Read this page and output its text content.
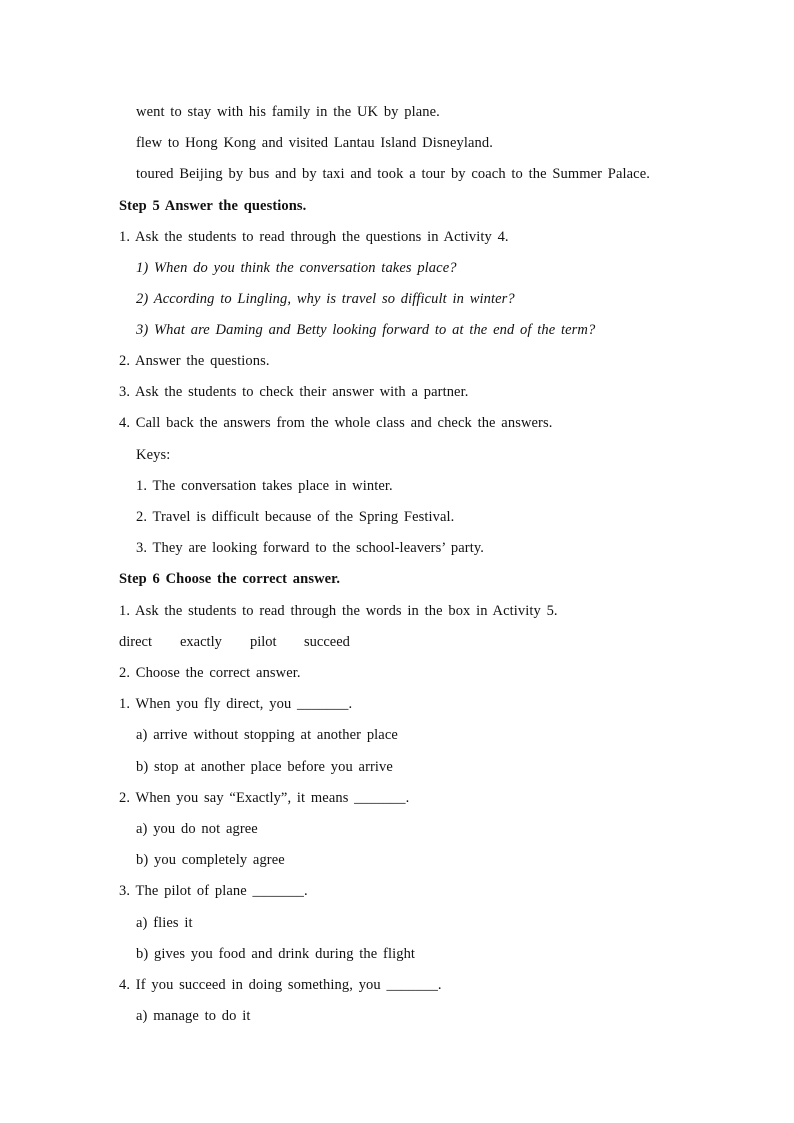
went to stay with his family in the UK by plane.
flew to Hong Kong and visited Lantau Island Disneyland.
toured Beijing by bus and by taxi and took a tour by coach to the Summer Palace.
Step 5 Answer the questions.
1. Ask the students to read through the questions in Activity 4.
1) When do you think the conversation takes place?
2) According to Lingling, why is travel so difficult in winter?
3) What are Daming and Betty looking forward to at the end of the term?
2. Answer the questions.
3. Ask the students to check their answer with a partner.
4. Call back the answers from the whole class and check the answers.
Keys:
1. The conversation takes place in winter.
2. Travel is difficult because of the Spring Festival.
3. They are looking forward to the school-leavers’ party.
Step 6 Choose the correct answer.
1. Ask the students to read through the words in the box in Activity 5.
direct	exactly	pilot	succeed
2. Choose the correct answer.
1. When you fly direct, you _______.
a) arrive without stopping at another place
b) stop at another place before you arrive
2. When you say “Exactly”, it means _______.
a) you do not agree
b) you completely agree
3. The pilot of plane _______.
a) flies it
b) gives you food and drink during the flight
4. If you succeed in doing something, you _______.
a) manage to do it
